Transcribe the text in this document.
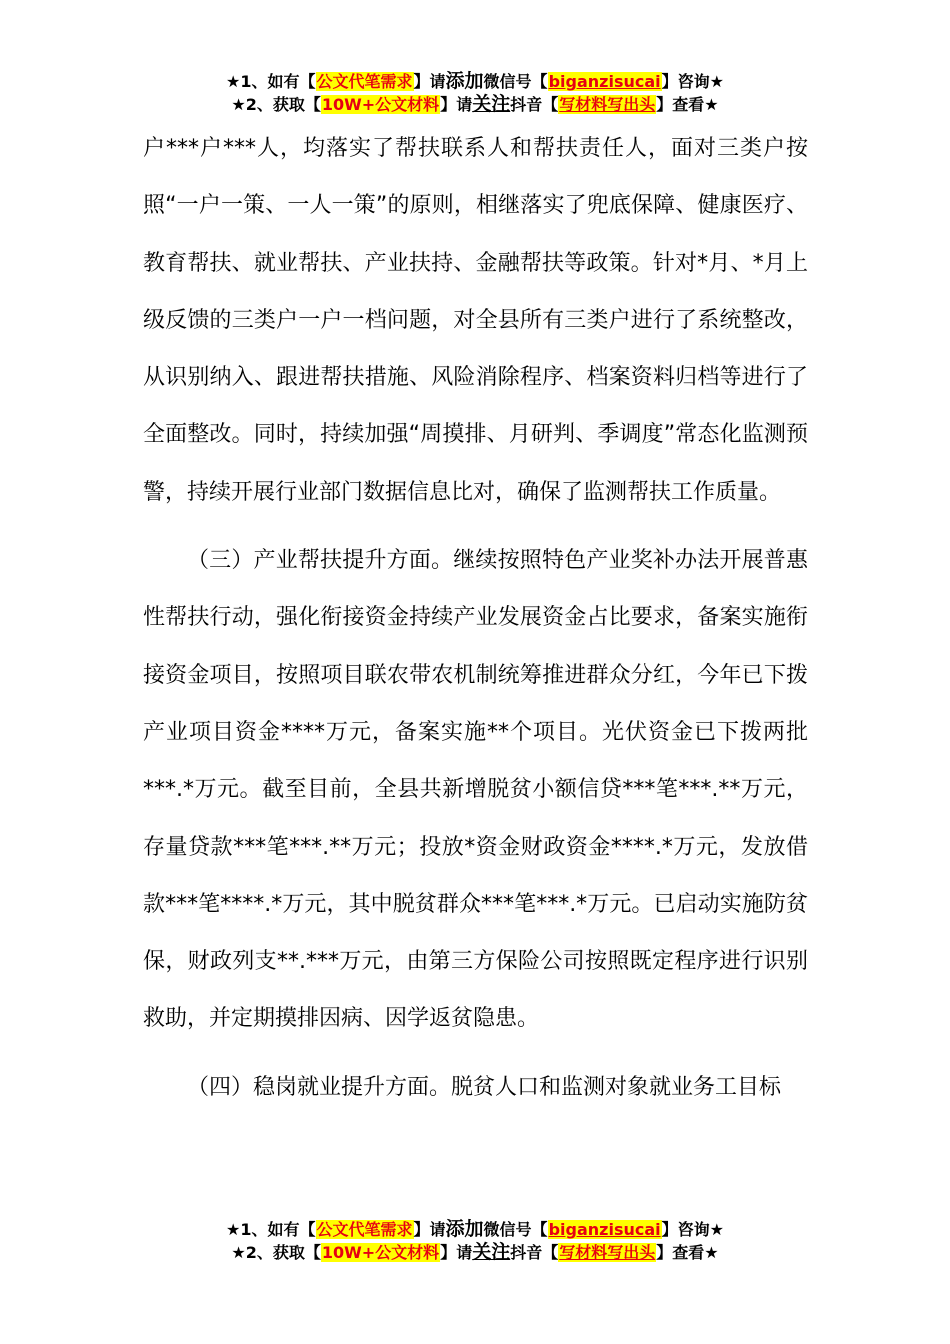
★1、如有【公文代笔需求】请添加微信号【biganzisucai】咨询★
★2、获取【10W+公文材料】请关注抖音【写材料写出头】查看★

户***户***人，均落实了帮扶联系人和帮扶责任人，面对三类户按照“一户一策、一人一策”的原则，相继落实了兜底保障、健康医疗、教育帮扶、就业帮扶、产业扶持、金融帮扶等政策。针对*月、*月上级反馈的三类户一户一档问题，对全县所有三类户进行了系统整改，从识别纳入、跟进帮扶措施、风险消除程序、档案资料归档等进行了全面整改。同时，持续加强“周摸排、月研判、季调度”常态化监测预警，持续开展行业部门数据信息比对，确保了监测帮扶工作质量。

（三）产业帮扶提升方面。继续按照特色产业奖补办法开展普惠性帮扶行动，强化衔接资金持续产业发展资金占比要求，备案实施衔接资金项目，按照项目联农带农机制统筹推进群众分红，今年已下拨产业项目资金****万元，备案实施**个项目。光伏资金已下拨两批***.*万元。截至目前，全县共新增脱贫小额信贷***笔***.**万元，存量贷款***笔***.**万元；投放*资金财政资金****.*万元，发放借款***笔****.*万元，其中脱贫群众***笔***.*万元。已启动实施防贫保，财政列支**.***万元，由第三方保险公司按照既定程序进行识别救助，并定期摸排因病、因学返贫隐患。

（四）稳岗就业提升方面。脱贫人口和监测对象就业务工目标

★1、如有【公文代笔需求】请添加微信号【biganzisucai】咨询★
★2、获取【10W+公文材料】请关注抖音【写材料写出头】查看★
